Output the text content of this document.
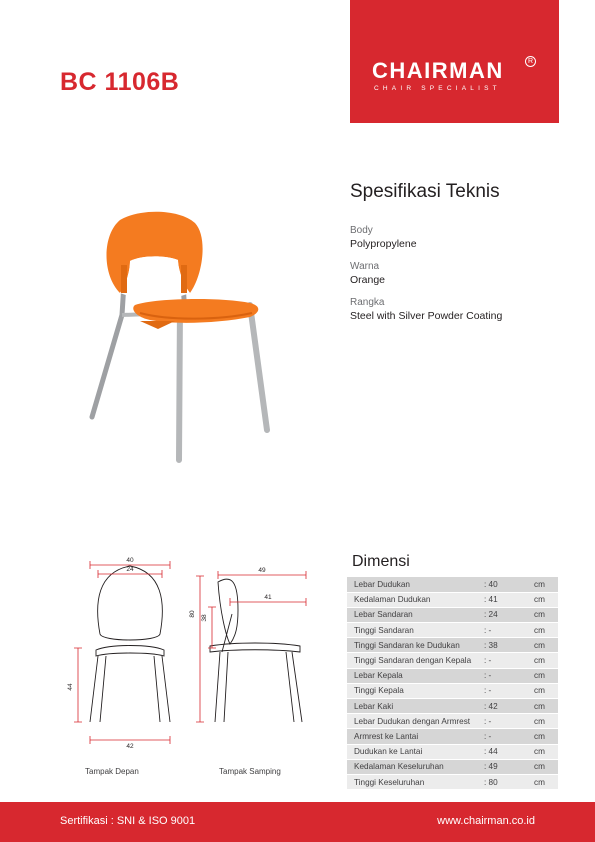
BC 1106B	CHAIRMAN	R
CHAIR SPECIALIST
Spesifikasi Teknis
Body
Polypropylene
Warna
Orange
Rangka
Steel with Silver Powder Coating
40
24
44
42
49
41
80
38
Tampak Depan	Tampak Samping
Dimensi
Lebar Dudukan	: 40	cm
Kedalaman Dudukan	: 41	cm
Lebar Sandaran	: 24	cm
Tinggi Sandaran	: -	cm
Tinggi Sandaran ke Dudukan	: 38	cm
Tinggi Sandaran dengan Kepala	: -	cm
Lebar Kepala	: -	cm
Tinggi Kepala	: -	cm
Lebar Kaki	: 42	cm
Lebar Dudukan dengan Armrest	: -	cm
Armrest ke Lantai	: -	cm
Dudukan ke Lantai	: 44	cm
Kedalaman Keseluruhan	: 49	cm
Tinggi Keseluruhan	: 80	cm
Sertifikasi : SNI & ISO 9001	www.chairman.co.id
